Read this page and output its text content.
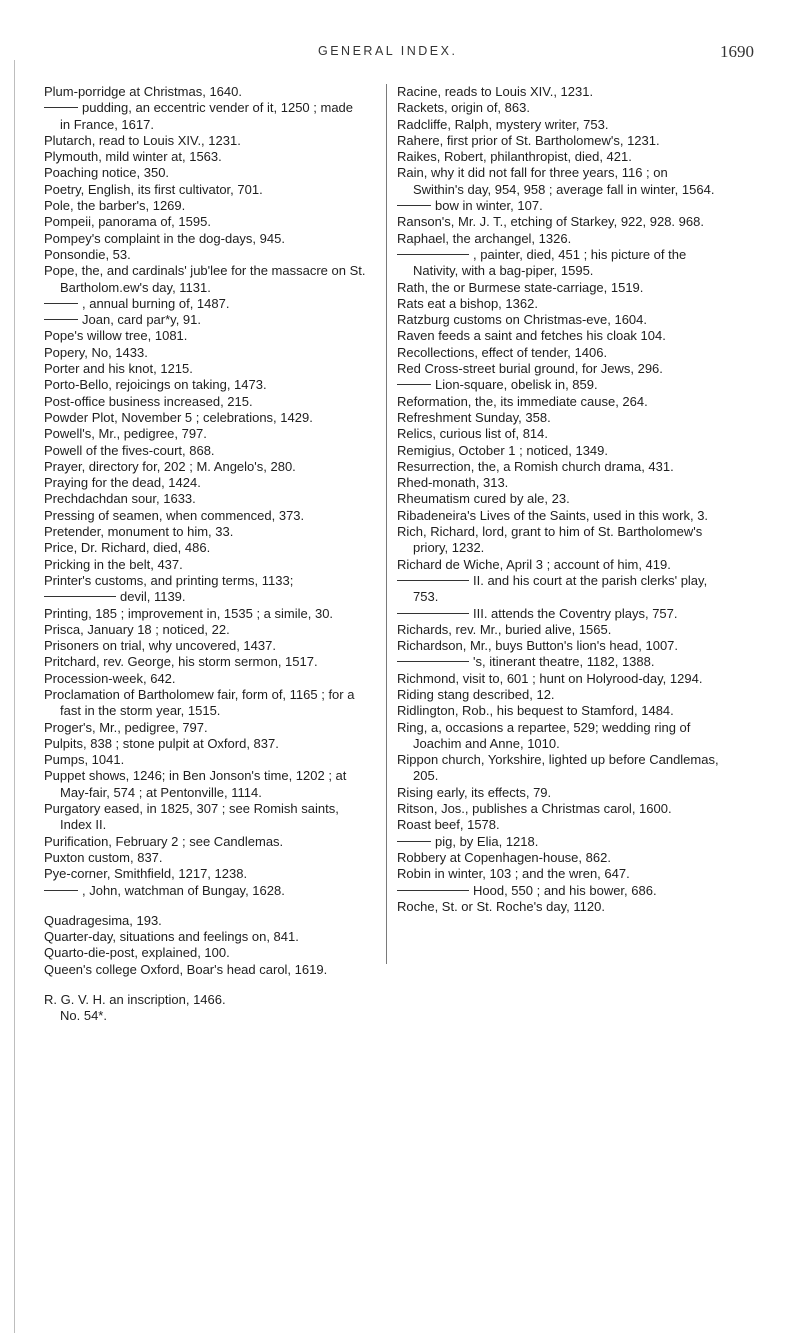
GENERAL INDEX.	1690

Plum-porridge at Christmas, 1640.

pudding, an eccentric vender of it, 1250 ; made in France, 1617.

Plutarch, read to Louis XIV., 1231.

Plymouth, mild winter at, 1563.

Poaching notice, 350.

Poetry, English, its first cultivator, 701.

Pole, the barber's, 1269.

Pompeii, panorama of, 1595.

Pompey's complaint in the dog-days, 945.

Ponsondie, 53.

Pope, the, and cardinals' jub'lee for the massacre on St. Bartholom.ew's day, 1131.

, annual burning of, 1487.

Joan, card par*y, 91.

Pope's willow tree, 1081.

Popery, No, 1433.

Porter and his knot, 1215.

Porto-Bello, rejoicings on taking, 1473.

Post-office business increased, 215.

Powder Plot, November 5 ; celebrations, 1429.

Powell's, Mr., pedigree, 797.

Powell of the fives-court, 868.

Prayer, directory for, 202 ; M. Angelo's, 280.

Praying for the dead, 1424.

Prechdachdan sour, 1633.

Pressing of seamen, when commenced, 373.

Pretender, monument to him, 33.

Price, Dr. Richard, died, 486.

Pricking in the belt, 437.

Printer's customs, and printing terms, 1133;

devil, 1139.

Printing, 185 ; improvement in, 1535 ; a simile, 30.

Prisca, January 18 ; noticed, 22.

Prisoners on trial, why uncovered, 1437.

Pritchard, rev. George, his storm sermon, 1517.

Procession-week, 642.

Proclamation of Bartholomew fair, form of, 1165 ; for a fast in the storm year, 1515.

Proger's, Mr., pedigree, 797.

Pulpits, 838 ; stone pulpit at Oxford, 837.

Pumps, 1041.

Puppet shows, 1246; in Ben Jonson's time, 1202 ; at May-fair, 574 ; at Pentonville, 1114.

Purgatory eased, in 1825, 307 ; see Romish saints, Index II.

Purification, February 2 ; see Candlemas.

Puxton custom, 837.

Pye-corner, Smithfield, 1217, 1238.

, John, watchman of Bungay, 1628.

Quadragesima, 193.

Quarter-day, situations and feelings on, 841.

Quarto-die-post, explained, 100.

Queen's college Oxford, Boar's head carol, 1619.

R. G. V. H. an inscription, 1466.

No. 54*.

Racine, reads to Louis XIV., 1231.

Rackets, origin of, 863.

Radcliffe, Ralph, mystery writer, 753.

Rahere, first prior of St. Bartholomew's, 1231.

Raikes, Robert, philanthropist, died, 421.

Rain, why it did not fall for three years, 116 ; on Swithin's day, 954, 958 ; average fall in winter, 1564.

bow in winter, 107.

Ranson's, Mr. J. T., etching of Starkey, 922, 928. 968.

Raphael, the archangel, 1326.

, painter, died, 451 ; his picture of the Nativity, with a bag-piper, 1595.

Rath, the or Burmese state-carriage, 1519.

Rats eat a bishop, 1362.

Ratzburg customs on Christmas-eve, 1604.

Raven feeds a saint and fetches his cloak 104.

Recollections, effect of tender, 1406.

Red Cross-street burial ground, for Jews, 296.

Lion-square, obelisk in, 859.

Reformation, the, its immediate cause, 264.

Refreshment Sunday, 358.

Relics, curious list of, 814.

Remigius, October 1 ; noticed, 1349.

Resurrection, the, a Romish church drama, 431.

Rhed-monath, 313.

Rheumatism cured by ale, 23.

Ribadeneira's Lives of the Saints, used in this work, 3.

Rich, Richard, lord, grant to him of St. Bartholomew's priory, 1232.

Richard de Wiche, April 3 ; account of him, 419.

II. and his court at the parish clerks' play, 753.

III. attends the Coventry plays, 757.

Richards, rev. Mr., buried alive, 1565.

Richardson, Mr., buys Button's lion's head, 1007.

's, itinerant theatre, 1182, 1388.

Richmond, visit to, 601 ; hunt on Holyrood-day, 1294.

Riding stang described, 12.

Ridlington, Rob., his bequest to Stamford, 1484.

Ring, a, occasions a repartee, 529; wedding ring of Joachim and Anne, 1010.

Rippon church, Yorkshire, lighted up before Candlemas, 205.

Rising early, its effects, 79.

Ritson, Jos., publishes a Christmas carol, 1600.

Roast beef, 1578.

pig, by Elia, 1218.

Robbery at Copenhagen-house, 862.

Robin in winter, 103 ; and the wren, 647.

Hood, 550 ; and his bower, 686.

Roche, St. or St. Roche's day, 1120.
